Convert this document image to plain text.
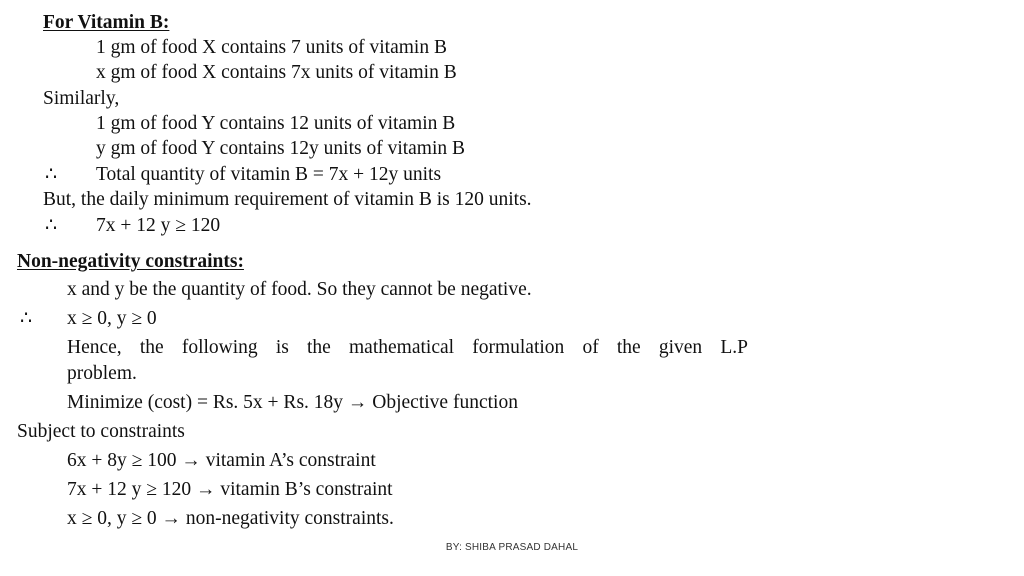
For Vitamin B:
1 gm of food X contains 7 units of vitamin B
x gm of food X contains 7x units of vitamin B
Similarly,
1 gm of food Y contains 12 units of vitamin B
y gm of food Y contains 12y units of vitamin B
∴ Total quantity of vitamin B = 7x + 12y units
But, the daily minimum requirement of vitamin B is 120 units.
∴ 7x + 12 y ≥ 120
Non-negativity constraints:
x and y be the quantity of food. So they cannot be negative.
∴ x ≥ 0, y ≥ 0
Hence, the following is the mathematical formulation of the given L.P
problem.
Minimize (cost) = Rs. 5x + Rs. 18y → Objective function
Subject to constraints
6x + 8y ≥ 100 → vitamin A’s constraint
7x + 12 y ≥ 120 → vitamin B’s constraint
x ≥ 0, y ≥ 0 → non-negativity constraints.
BY: SHIBA PRASAD DAHAL
